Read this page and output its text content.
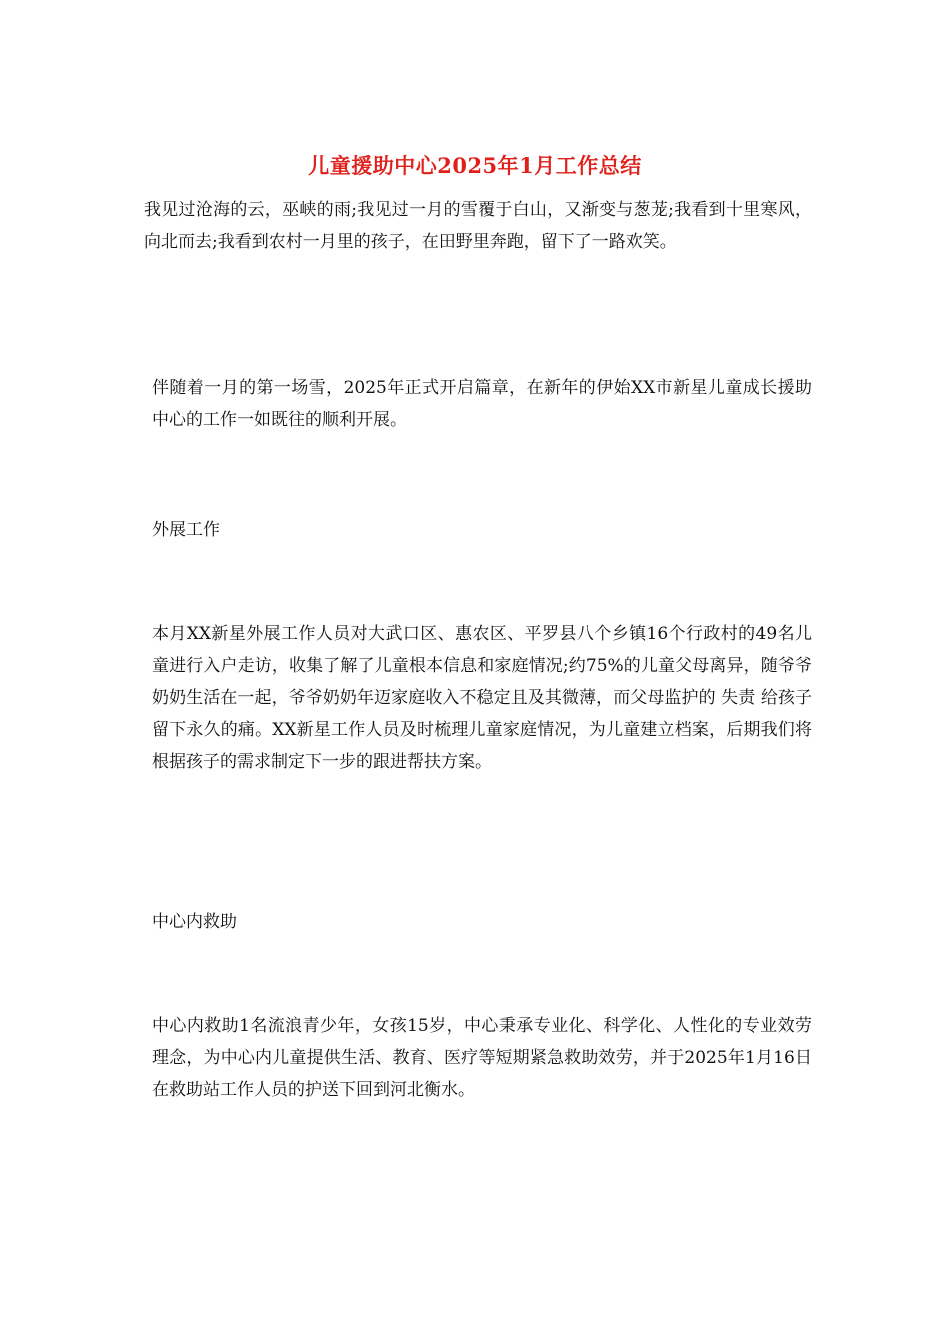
儿童援助中心2025年1月工作总结

我见过沧海的云，巫峡的雨;我见过一月的雪覆于白山，又渐变与葱茏;我看到十里寒风，向北而去;我看到农村一月里的孩子，在田野里奔跑，留下了一路欢笑。

伴随着一月的第一场雪，2025年正式开启篇章，在新年的伊始XX市新星儿童成长援助中心的工作一如既往的顺利开展。

外展工作

本月XX新星外展工作人员对大武口区、惠农区、平罗县八个乡镇16个行政村的49名儿童进行入户走访，收集了解了儿童根本信息和家庭情况;约75%的儿童父母离异，随爷爷奶奶生活在一起，爷爷奶奶年迈家庭收入不稳定且及其微薄，而父母监护的 失责 给孩子留下永久的痛。XX新星工作人员及时梳理儿童家庭情况，为儿童建立档案，后期我们将根据孩子的需求制定下一步的跟进帮扶方案。

中心内救助

中心内救助1名流浪青少年，女孩15岁，中心秉承专业化、科学化、人性化的专业效劳理念，为中心内儿童提供生活、教育、医疗等短期紧急救助效劳，并于2025年1月16日在救助站工作人员的护送下回到河北衡水。
